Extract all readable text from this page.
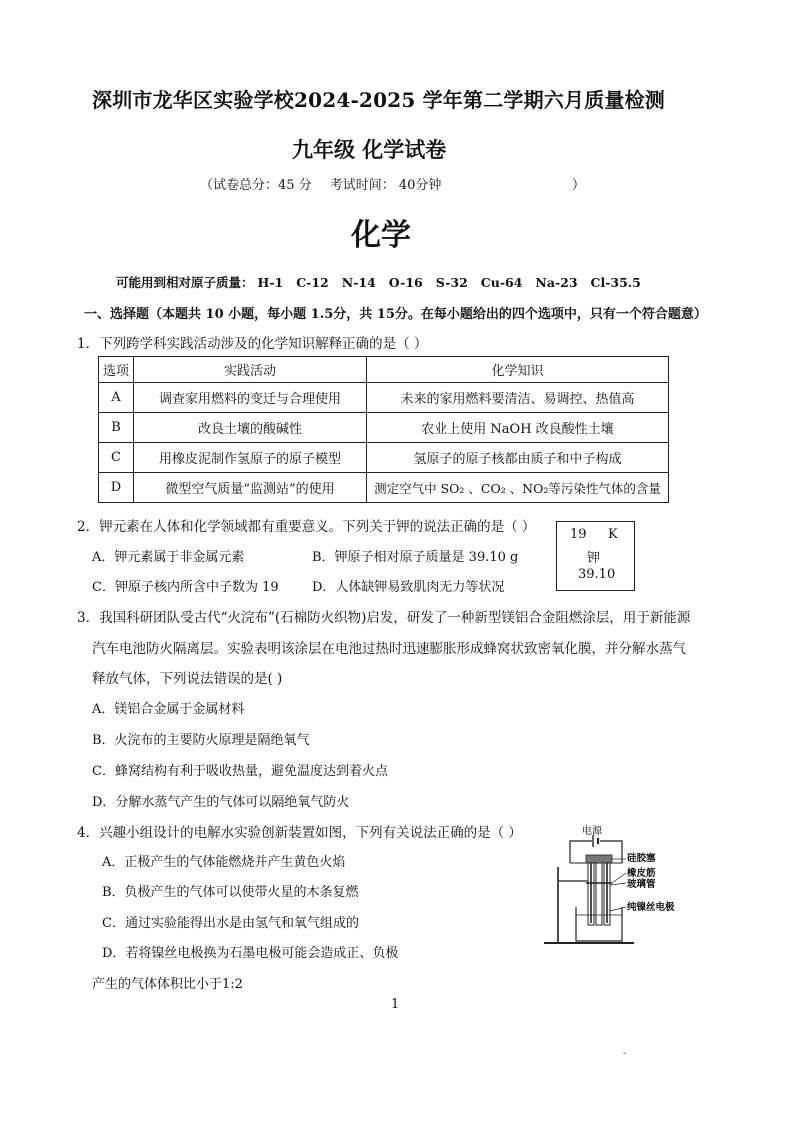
深圳市龙华区实验学校2024-2025 学年第二学期六月质量检测
九年级 化学试卷
（试卷总分：45 分 考试时间： 40分钟	）
化学
可能用到相对原子质量： H-1 C-12 N-14 O-16 S-32 Cu-64 Na-23 Cl-35.5
一、选择题（本题共 10 小题，每小题 1.5分，共 15分。在每小题给出的四个选项中，只有一个符合题意）
1．下列跨学科实践活动涉及的化学知识解释正确的是（ ）
选项	实践活动	化学知识
A	调查家用燃料的变迁与合理使用	未来的家用燃料要清洁、易调控、热值高
B	改良土壤的酸碱性	农业上使用 NaOH 改良酸性土壤
C	用橡皮泥制作氢原子的原子模型	氢原子的原子核都由质子和中子构成
D	微型空气质量“监测站”的使用	测定空气中 SO₂ 、CO₂ 、NO₂等污染性气体的含量
2．钾元素在人体和化学领域都有重要意义。下列关于钾的说法正确的是（ ）
A．钾元素属于非金属元素	B．钾原子相对原子质量是 39.10 g
C．钾原子核内所含中子数为 19	D．人体缺钾易致肌肉无力等状况
19 K
钾
39.10
3．我国科研团队受古代“火浣布”(石棉防火织物)启发，研发了一种新型镁铝合金阻燃涂层，用于新能源
汽车电池防火隔离层。实验表明该涂层在电池过热时迅速膨胀形成蜂窝状致密氧化膜，并分解水蒸气
释放气体，下列说法错误的是( )
A．镁铝合金属于金属材料
B．火浣布的主要防火原理是隔绝氧气
C．蜂窝结构有利于吸收热量，避免温度达到着火点
D．分解水蒸气产生的气体可以隔绝氧气防火
4．兴趣小组设计的电解水实验创新装置如图，下列有关说法正确的是（ ）
A．正极产生的气体能燃烧并产生黄色火焰
B．负极产生的气体可以使带火星的木条复燃
C．通过实验能得出水是由氢气和氧气组成的
D．若将镍丝电极换为石墨电极可能会造成正、负极
产生的气体体积比小于1:2
电源
硅胶塞
橡皮筋
玻璃管
纯镍丝电极
1
-
